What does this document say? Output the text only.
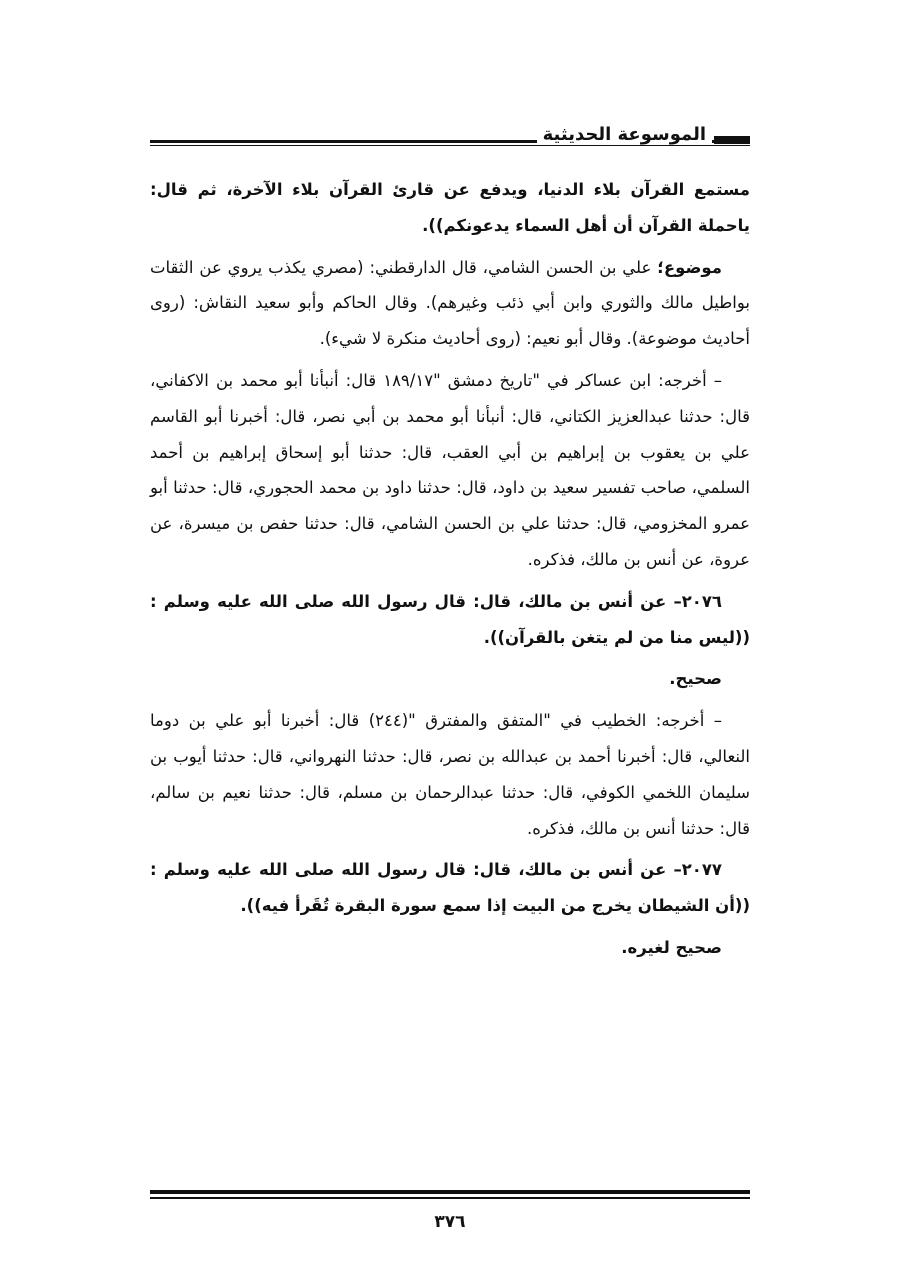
الموسوعة الحديثية

مستمع القرآن بلاء الدنيا، ويدفع عن قارئ القرآن بلاء الآخرة، ثم قال: ياحملة القرآن أن أهل السماء يدعونكم)).

موضوع؛ علي بن الحسن الشامي، قال الدارقطني: (مصري يكذب يروي عن الثقات بواطيل مالك والثوري وابن أبي ذئب وغيرهم). وقال الحاكم وأبو سعيد النقاش: (روى أحاديث موضوعة). وقال أبو نعيم: (روى أحاديث منكرة لا شيء).

– أخرجه: ابن عساكر في "تاريخ دمشق "١٨٩/١٧ قال: أنبأنا أبو محمد بن الاكفاني، قال: حدثنا عبدالعزيز الكتاني، قال: أنبأنا أبو محمد بن أبي نصر، قال: أخبرنا أبو القاسم علي بن يعقوب بن إبراهيم بن أبي العقب، قال: حدثنا أبو إسحاق إبراهيم بن أحمد السلمي، صاحب تفسير سعيد بن داود، قال: حدثنا داود بن محمد الحجوري، قال: حدثنا أبو عمرو المخزومي، قال: حدثنا علي بن الحسن الشامي، قال: حدثنا حفص بن ميسرة، عن عروة، عن أنس بن مالك، فذكره.

٢٠٧٦– عن أنس بن مالك، قال: قال رسول الله صلى الله عليه وسلم : ((ليس منا من لم يتغن بالقرآن)).

صحيح.

– أخرجه: الخطيب في "المتفق والمفترق "(٢٤٤) قال: أخبرنا أبو علي بن دوما النعالي، قال: أخبرنا أحمد بن عبدالله بن نصر، قال: حدثنا النهرواني، قال: حدثنا أيوب بن سليمان اللخمي الكوفي، قال: حدثنا عبدالرحمان بن مسلم، قال: حدثنا نعيم بن سالم، قال: حدثنا أنس بن مالك، فذكره.

٢٠٧٧– عن أنس بن مالك، قال: قال رسول الله صلى الله عليه وسلم : ((أن الشيطان يخرج من البيت إذا سمع سورة البقرة تُقَرأ فيه)).

صحيح لغيره.

٣٧٦
